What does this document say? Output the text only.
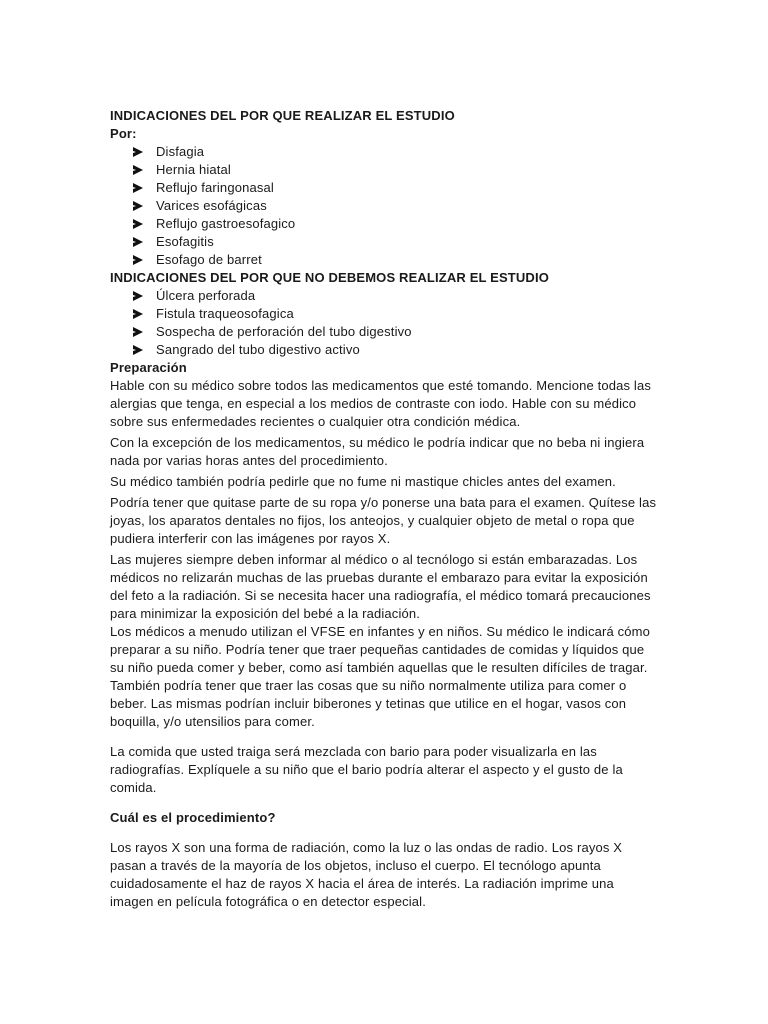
INDICACIONES DEL POR QUE REALIZAR EL ESTUDIO

Por:

Disfagia
Hernia hiatal
Reflujo faringonasal
Varices esofágicas
Reflujo gastroesofagico
Esofagitis
Esofago de barret

INDICACIONES DEL POR QUE NO DEBEMOS REALIZAR EL ESTUDIO

Úlcera perforada
Fistula traqueosofagica
Sospecha de perforación del tubo digestivo
Sangrado del tubo digestivo activo

Preparación

Hable con su médico sobre todos las medicamentos que esté tomando. Mencione todas las alergias que tenga, en especial a los medios de contraste con iodo. Hable con su médico sobre sus enfermedades recientes o cualquier otra condición médica.

Con la excepción de los medicamentos, su médico le podría indicar que no beba ni ingiera nada por varias horas antes del procedimiento.

Su médico también podría pedirle que no fume ni mastique chicles antes del examen.

Podría tener que quitase parte de su ropa y/o ponerse una bata para el examen. Quítese las joyas, los aparatos dentales no fijos, los anteojos, y cualquier objeto de metal o ropa que pudiera interferir con las imágenes por rayos X.

Las mujeres siempre deben informar al médico o al tecnólogo si están embarazadas. Los médicos no relizarán muchas de las pruebas durante el embarazo para evitar la exposición del feto a la radiación. Si se necesita hacer una radiografía, el médico tomará precauciones para minimizar la exposición del bebé a la radiación.

Los médicos a menudo utilizan el VFSE en infantes y en niños. Su médico le indicará cómo preparar a su niño. Podría tener que traer pequeñas cantidades de comidas y líquidos que su niño pueda comer y beber, como así también aquellas que le resulten difíciles de tragar. También podría tener que traer las cosas que su niño normalmente utiliza para comer o beber. Las mismas podrían incluir biberones y tetinas que utilice en el hogar, vasos con boquilla, y/o utensilios para comer.

La comida que usted traiga será mezclada con bario para poder visualizarla en las radiografías. Explíquele a su niño que el bario podría alterar el aspecto y el gusto de la comida.

Cuál es el procedimiento?

Los rayos X son una forma de radiación, como la luz o las ondas de radio. Los rayos X pasan a través de la mayoría de los objetos, incluso el cuerpo. El tecnólogo apunta cuidadosamente el haz de rayos X hacia el área de interés. La radiación imprime una imagen en película fotográfica o en detector especial.
